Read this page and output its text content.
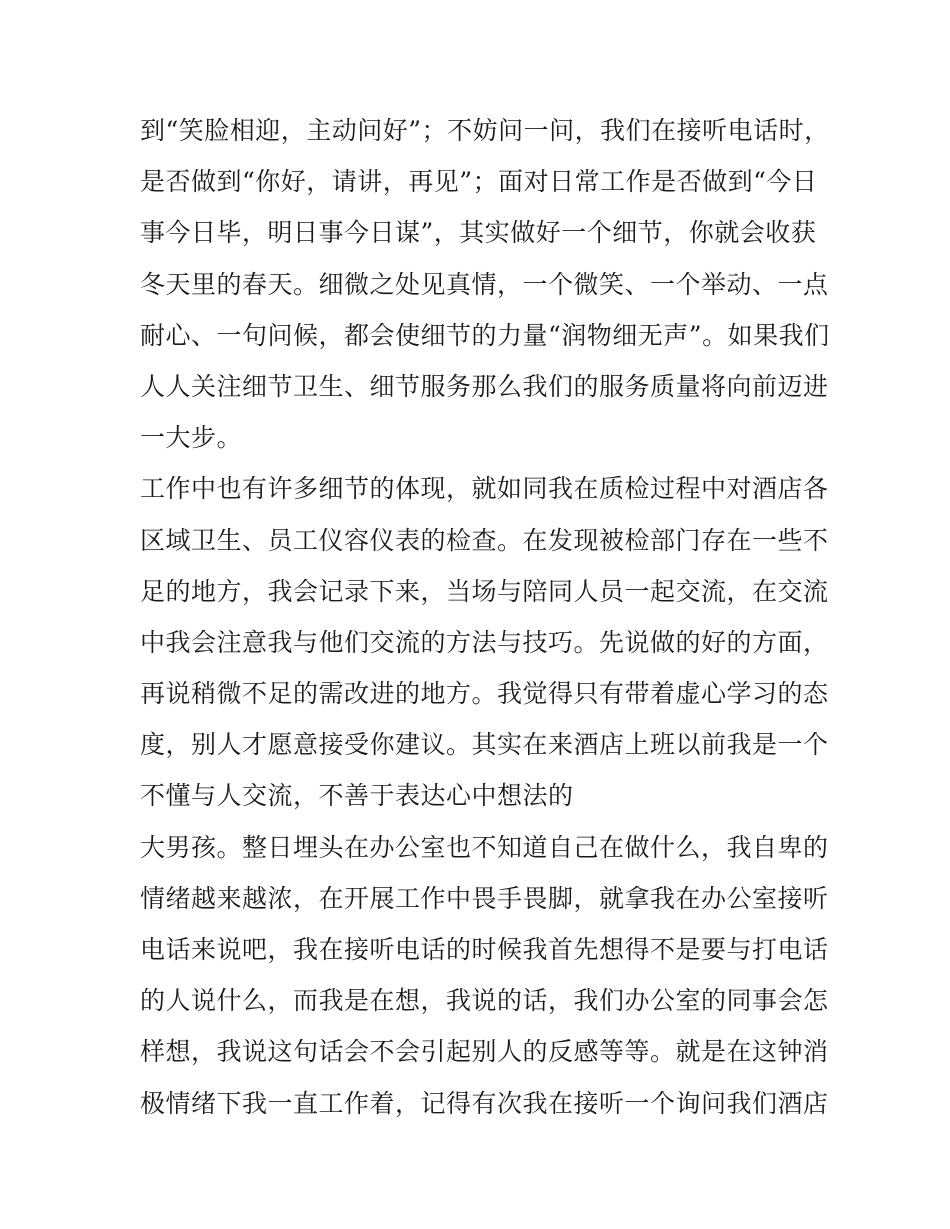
到“笑脸相迎，主动问好”；不妨问一问，我们在接听电话时，
是否做到“你好，请讲，再见”；面对日常工作是否做到“今日
事今日毕，明日事今日谋”，其实做好一个细节，你就会收获
冬天里的春天。细微之处见真情，一个微笑、一个举动、一点
耐心、一句问候，都会使细节的力量“润物细无声”。如果我们
人人关注细节卫生、细节服务那么我们的服务质量将向前迈进
一大步。
工作中也有许多细节的体现，就如同我在质检过程中对酒店各
区域卫生、员工仪容仪表的检查。在发现被检部门存在一些不
足的地方，我会记录下来，当场与陪同人员一起交流，在交流
中我会注意我与他们交流的方法与技巧。先说做的好的方面，
再说稍微不足的需改进的地方。我觉得只有带着虚心学习的态
度，别人才愿意接受你建议。其实在来酒店上班以前我是一个
不懂与人交流，不善于表达心中想法的
大男孩。整日埋头在办公室也不知道自己在做什么，我自卑的
情绪越来越浓，在开展工作中畏手畏脚，就拿我在办公室接听
电话来说吧，我在接听电话的时候我首先想得不是要与打电话
的人说什么，而我是在想，我说的话，我们办公室的同事会怎
样想，我说这句话会不会引起别人的反感等等。就是在这钟消
极情绪下我一直工作着，记得有次我在接听一个询问我们酒店
